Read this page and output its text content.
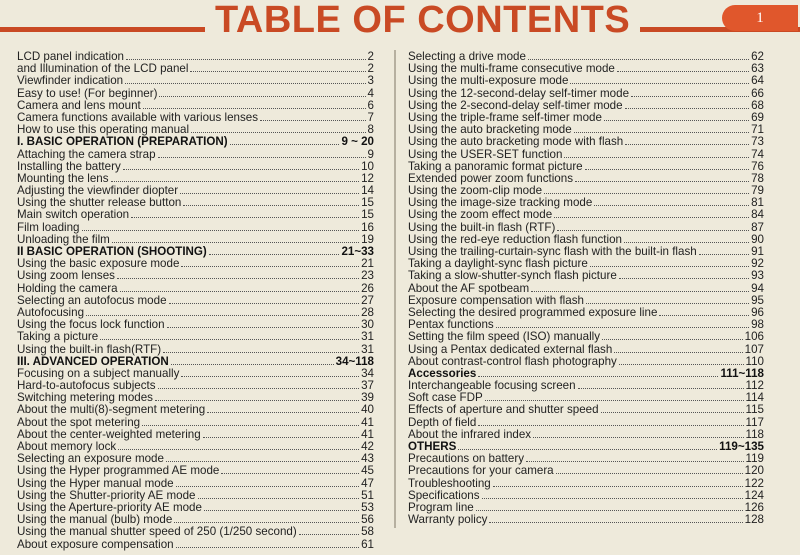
TABLE OF CONTENTS	1
LCD panel indication	2
and Illumination of the LCD panel	2
Viewfinder indication	3
Easy to use! (For beginner)	4
Camera and lens mount	6
Camera functions available with various lenses	7
How to use this operating manual	8
I. BASIC OPERATION (PREPARATION)	9 ~ 20
Attaching the camera strap	9
Installing the battery	10
Mounting the lens	12
Adjusting the viewfinder diopter	14
Using the shutter release button	15
Main switch operation	15
Film loading	16
Unloading the film	19
II BASIC OPERATION (SHOOTING)	21~33
Using the basic exposure mode	21
Using zoom lenses	23
Holding the camera	26
Selecting an autofocus mode	27
Autofocusing	28
Using the focus lock function	30
Taking a picture	31
Using the built-in flash(RTF)	31
III. ADVANCED OPERATION	34~118
Focusing on a subject manually	34
Hard-to-autofocus subjects	37
Switching metering modes	39
About the multi(8)-segment metering	40
About the spot metering	41
About the center-weighted metering	41
About memory lock	42
Selecting an exposure mode	43
Using the Hyper programmed AE mode	45
Using the Hyper manual mode	47
Using the Shutter-priority AE mode	51
Using the Aperture-priority AE mode	53
Using the manual (bulb) mode	56
Using the manual shutter speed of 250 (1/250 second)	58
About exposure compensation	61
Selecting a drive mode	62
Using the multi-frame consecutive mode	63
Using the multi-exposure mode	64
Using the 12-second-delay self-timer mode	66
Using the 2-second-delay self-timer mode	68
Using the triple-frame self-timer mode	69
Using the auto bracketing mode	71
Using the auto bracketing mode with flash	73
Using the USER-SET function	74
Taking a panoramic format picture	76
Extended power zoom functions	78
Using the zoom-clip mode	79
Using the image-size tracking mode	81
Using the zoom effect mode	84
Using the built-in flash (RTF)	87
Using the red-eye reduction flash function	90
Using the trailing-curtain-sync flash with the built-in flash	91
Taking a daylight-sync flash picture	92
Taking a slow-shutter-synch flash picture	93
About the AF spotbeam	94
Exposure compensation with flash	95
Selecting the desired programmed exposure line	96
Pentax functions	98
Setting the film speed (ISO) manually	106
Using a Pentax dedicated external flash	107
About contrast-control flash photography	110
Accessories	111~118
Interchangeable focusing screen	112
Soft case FDP	114
Effects of aperture and shutter speed	115
Depth of field	117
About the infrared index	118
OTHERS	119~135
Precautions on battery	119
Precautions for your camera	120
Troubleshooting	122
Specifications	124
Program line	126
Warranty policy	128
